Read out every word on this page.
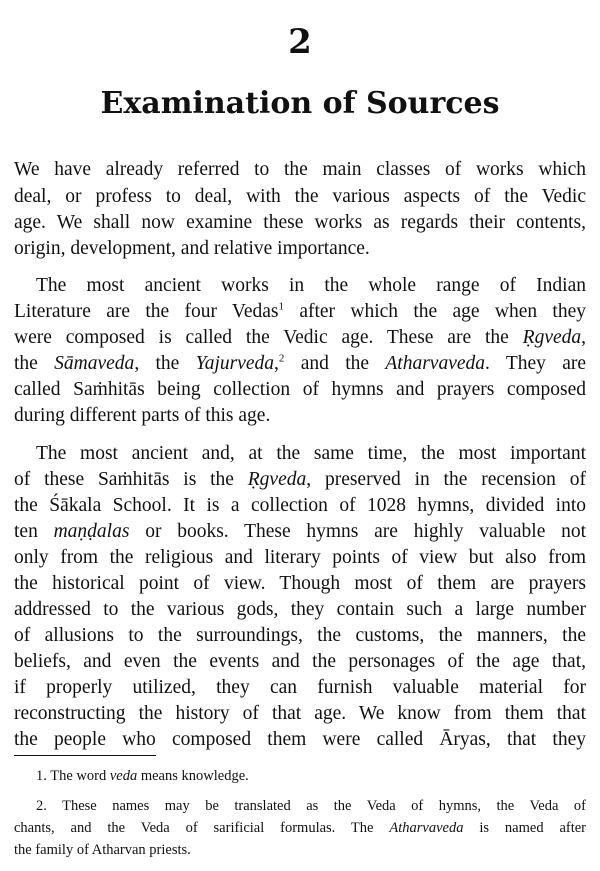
2
Examination of Sources
We have already referred to the main classes of works which
deal, or profess to deal, with the various aspects of the Vedic
age. We shall now examine these works as regards their contents,
origin, development, and relative importance.
The most ancient works in the whole range of Indian
Literature are the four Vedas$^1$ after which the age when they
were composed is called the Vedic age. These are the Ṛgveda,
the Sāmaveda, the Yajurveda,$^2$ and the Atharvaveda. They are
called Saṁhitās being collection of hymns and prayers composed
during different parts of this age.
The most ancient and, at the same time, the most important
of these Saṁhitās is the Ṛgveda, preserved in the recension of
the Śākala School. It is a collection of 1028 hymns, divided into
ten maṇḍalas or books. These hymns are highly valuable not
only from the religious and literary points of view but also from
the historical point of view. Though most of them are prayers
addressed to the various gods, they contain such a large number
of allusions to the surroundings, the customs, the manners, the
beliefs, and even the events and the personages of the age that,
if properly utilized, they can furnish valuable material for
reconstructing the history of that age. We know from them that
the people who composed them were called Āryas, that they
1. The word veda means knowledge.
2. These names may be translated as the Veda of hymns, the Veda of
chants, and the Veda of sarificial formulas. The Atharvaveda is named after
the family of Atharvan priests.
